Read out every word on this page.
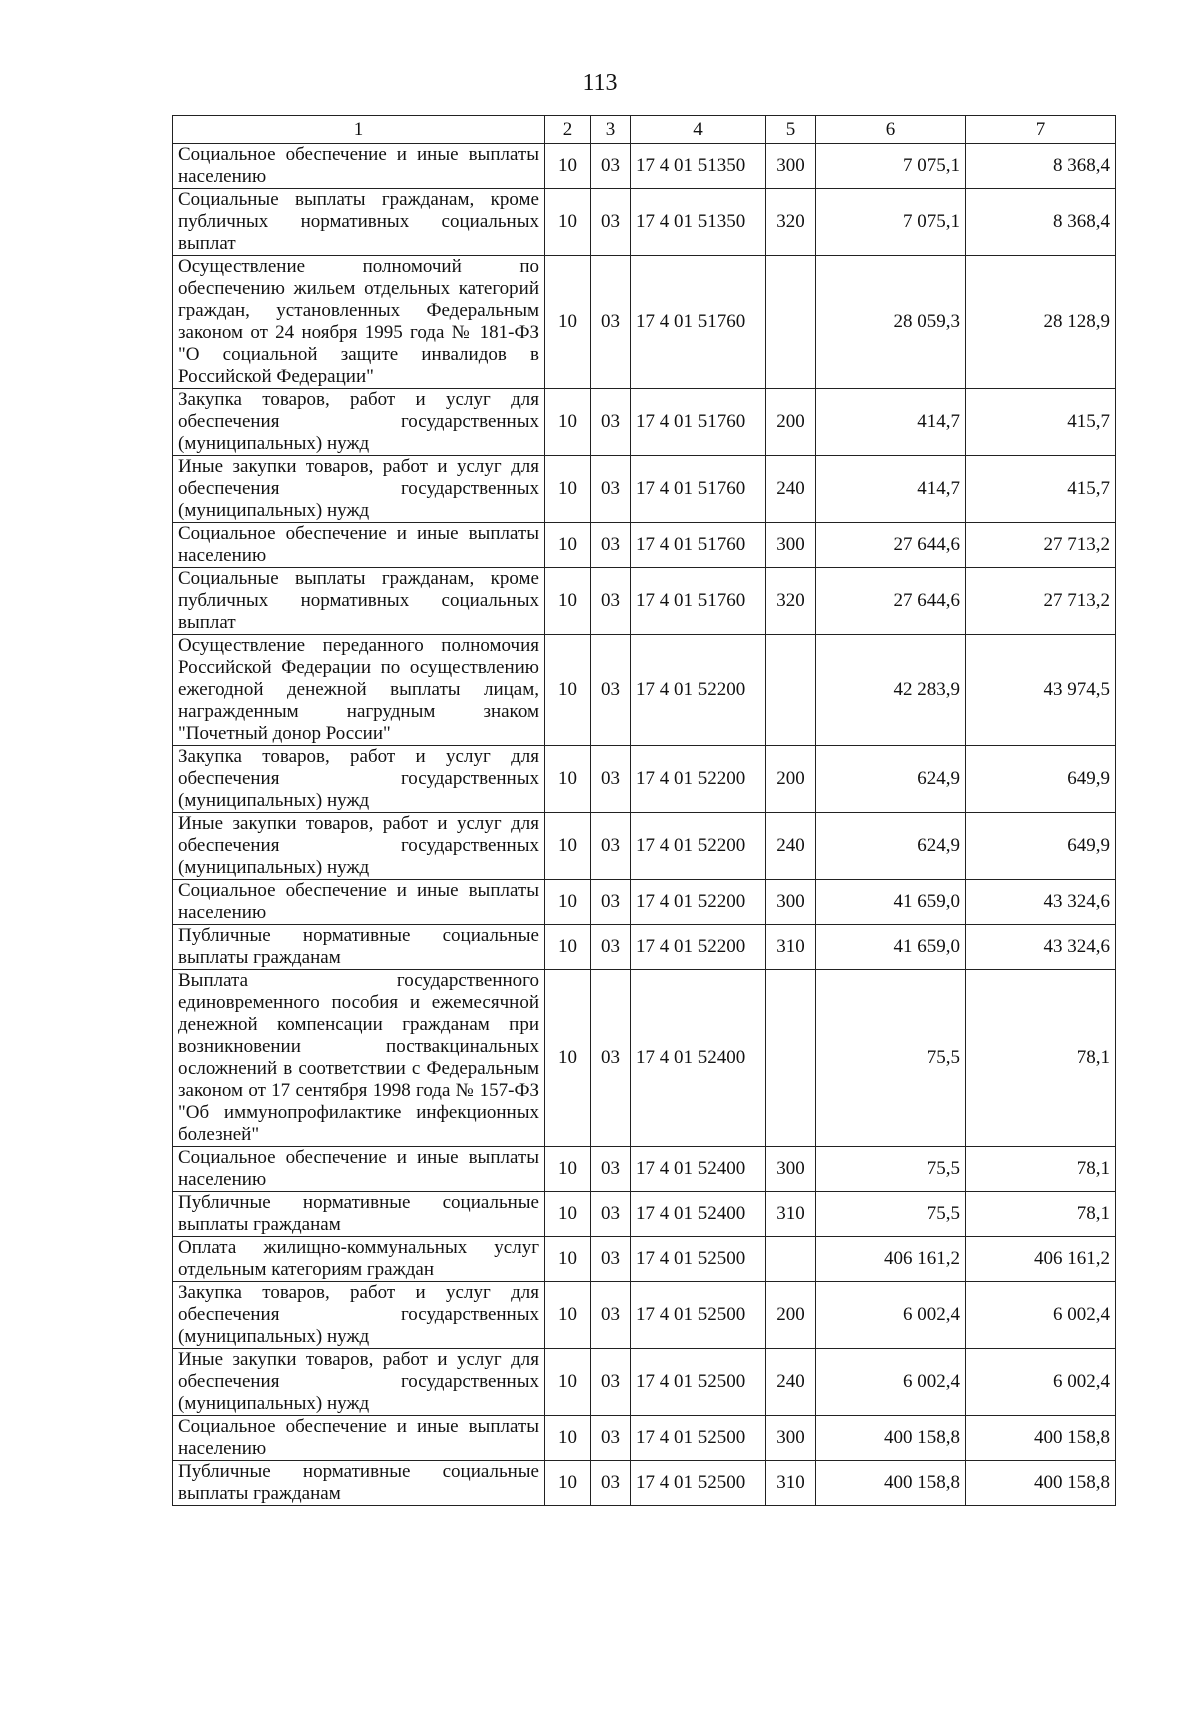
113
1	2	3	4	5	6	7
Социальное обеспечение и иные выплаты населению	10	03	17 4 01 51350	300	7 075,1	8 368,4
Социальные выплаты гражданам, кроме публичных нормативных социальных выплат	10	03	17 4 01 51350	320	7 075,1	8 368,4
Осуществление полномочий по обеспечению жильем отдельных категорий граждан, установленных Федеральным законом от 24 ноября 1995 года № 181-ФЗ "О социальной защите инвалидов в Российской Федерации"	10	03	17 4 01 51760		28 059,3	28 128,9
Закупка товаров, работ и услуг для обеспечения государственных (муниципальных) нужд	10	03	17 4 01 51760	200	414,7	415,7
Иные закупки товаров, работ и услуг для обеспечения государственных (муниципальных) нужд	10	03	17 4 01 51760	240	414,7	415,7
Социальное обеспечение и иные выплаты населению	10	03	17 4 01 51760	300	27 644,6	27 713,2
Социальные выплаты гражданам, кроме публичных нормативных социальных выплат	10	03	17 4 01 51760	320	27 644,6	27 713,2
Осуществление переданного полномочия Российской Федерации по осуществлению ежегодной денежной выплаты лицам, награжденным нагрудным знаком "Почетный донор России"	10	03	17 4 01 52200		42 283,9	43 974,5
Закупка товаров, работ и услуг для обеспечения государственных (муниципальных) нужд	10	03	17 4 01 52200	200	624,9	649,9
Иные закупки товаров, работ и услуг для обеспечения государственных (муниципальных) нужд	10	03	17 4 01 52200	240	624,9	649,9
Социальное обеспечение и иные выплаты населению	10	03	17 4 01 52200	300	41 659,0	43 324,6
Публичные нормативные социальные выплаты гражданам	10	03	17 4 01 52200	310	41 659,0	43 324,6
Выплата государственного единовременного пособия и ежемесячной денежной компенсации гражданам при возникновении поствакцинальных осложнений в соответствии с Федеральным законом от 17 сентября 1998 года № 157-ФЗ "Об иммунопрофилактике инфекционных болезней"	10	03	17 4 01 52400		75,5	78,1
Социальное обеспечение и иные выплаты населению	10	03	17 4 01 52400	300	75,5	78,1
Публичные нормативные социальные выплаты гражданам	10	03	17 4 01 52400	310	75,5	78,1
Оплата жилищно-коммунальных услуг отдельным категориям граждан	10	03	17 4 01 52500		406 161,2	406 161,2
Закупка товаров, работ и услуг для обеспечения государственных (муниципальных) нужд	10	03	17 4 01 52500	200	6 002,4	6 002,4
Иные закупки товаров, работ и услуг для обеспечения государственных (муниципальных) нужд	10	03	17 4 01 52500	240	6 002,4	6 002,4
Социальное обеспечение и иные выплаты населению	10	03	17 4 01 52500	300	400 158,8	400 158,8
Публичные нормативные социальные выплаты гражданам	10	03	17 4 01 52500	310	400 158,8	400 158,8
